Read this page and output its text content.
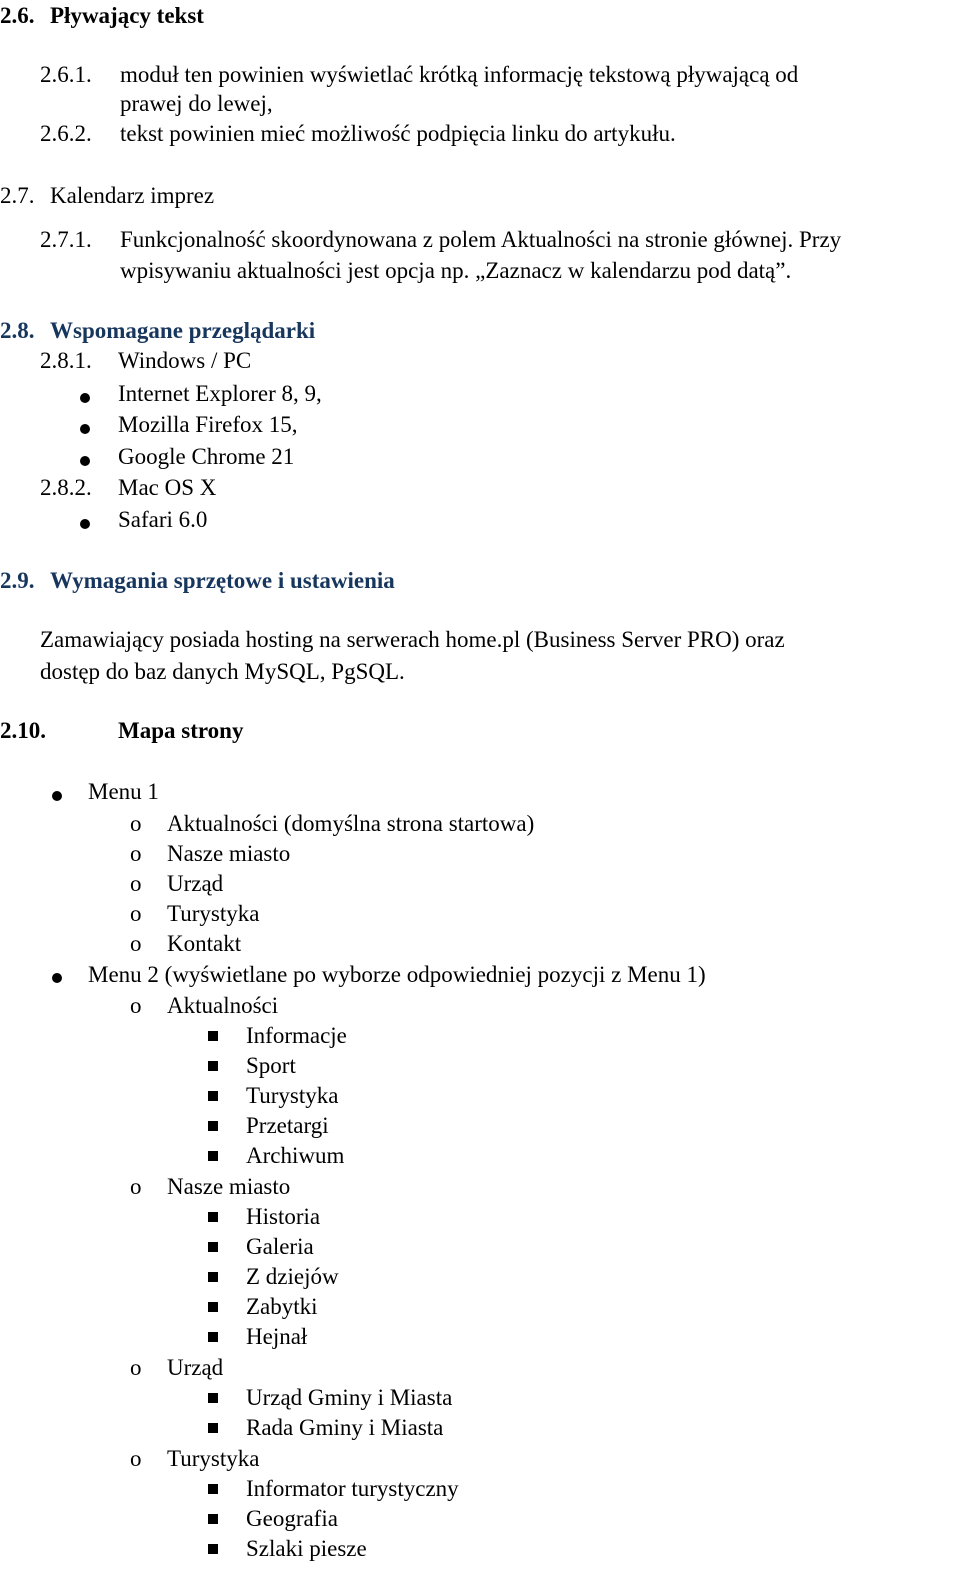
2.6. Pływający tekst
2.6.1. moduł ten powinien wyświetlać krótką informację tekstową pływającą od
prawej do lewej,
2.6.2. tekst powinien mieć możliwość podpięcia linku do artykułu.
2.7. Kalendarz imprez
2.7.1. Funkcjonalność skoordynowana z polem Aktualności na stronie głównej. Przy
wpisywaniu aktualności jest opcja np. „Zaznacz w kalendarzu pod datą”.
2.8. Wspomagane przeglądarki
2.8.1. Windows / PC
Internet Explorer 8, 9,
Mozilla Firefox 15,
Google Chrome 21
2.8.2. Mac OS X
Safari 6.0
2.9. Wymagania sprzętowe i ustawienia
Zamawiający posiada hosting na serwerach home.pl (Business Server PRO) oraz
dostęp do baz danych MySQL, PgSQL.
2.10.	Mapa strony
Menu 1
o Aktualności (domyślna strona startowa)
o Nasze miasto
o Urząd
o Turystyka
o Kontakt
Menu 2 (wyświetlane po wyborze odpowiedniej pozycji z Menu 1)
o Aktualności
Informacje
Sport
Turystyka
Przetargi
Archiwum
o Nasze miasto
Historia
Galeria
Z dziejów
Zabytki
Hejnał
o Urząd
Urząd Gminy i Miasta
Rada Gminy i Miasta
o Turystyka
Informator turystyczny
Geografia
Szlaki piesze
